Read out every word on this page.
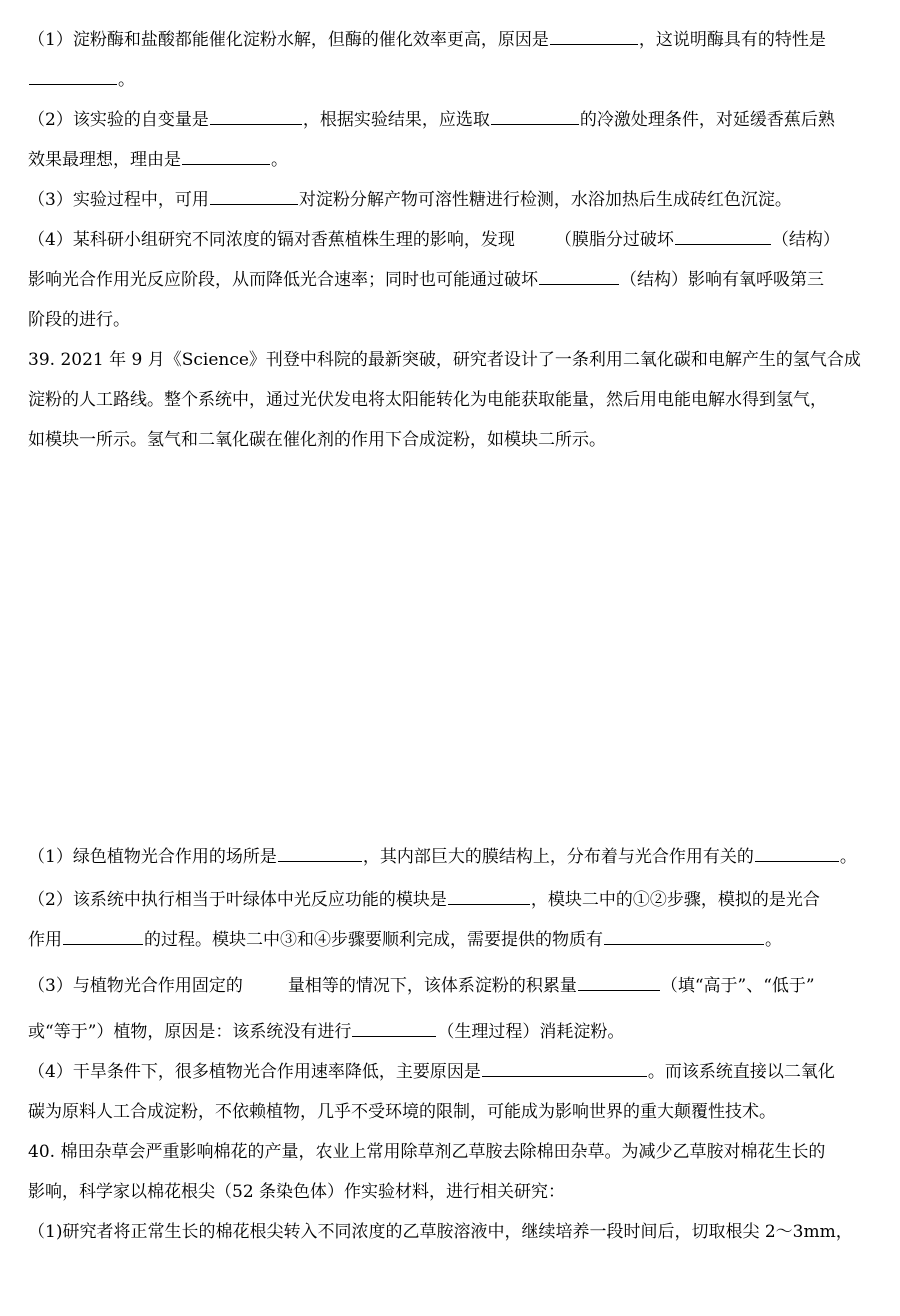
（1）淀粉酶和盐酸都能催化淀粉水解，但酶的催化效率更高，原因是	，这说明酶具有的特性是
。
（2）该实验的自变量是	，根据实验结果，应选取	的冷激处理条件，对延缓香蕉后熟
效果最理想，理由是	。
（3）实验过程中，可用	对淀粉分解产物可溶性糖进行检测，水浴加热后生成砖红色沉淀。
（4）某科研小组研究不同浓度的镉对香蕉植株生理的影响，发现 （膜脂分过破坏	（结构）
影响光合作用光反应阶段，从而降低光合速率；同时也可能通过破坏	（结构）影响有氧呼吸第三
阶段的进行。
39. 2021 年 9 月《Science》刊登中科院的最新突破，研究者设计了一条利用二氧化碳和电解产生的氢气合成
淀粉的人工路线。整个系统中，通过光伏发电将太阳能转化为电能获取能量，然后用电能电解水得到氢气，
如模块一所示。氢气和二氧化碳在催化剂的作用下合成淀粉，如模块二所示。
（1）绿色植物光合作用的场所是	，其内部巨大的膜结构上，分布着与光合作用有关的	。
（2）该系统中执行相当于叶绿体中光反应功能的模块是	，模块二中的①②步骤，模拟的是光合
作用	的过程。模块二中③和④步骤要顺利完成，需要提供的物质有	。
（3）与植物光合作用固定的	量相等的情况下，该体系淀粉的积累量	（填“高于”、“低于”
或“等于”）植物，原因是：该系统没有进行	（生理过程）消耗淀粉。
（4）干旱条件下，很多植物光合作用速率降低，主要原因是	。而该系统直接以二氧化
碳为原料人工合成淀粉，不依赖植物，几乎不受环境的限制，可能成为影响世界的重大颠覆性技术。
40. 棉田杂草会严重影响棉花的产量，农业上常用除草剂乙草胺去除棉田杂草。为减少乙草胺对棉花生长的
影响，科学家以棉花根尖（52 条染色体）作实验材料，进行相关研究：
（1)研究者将正常生长的棉花根尖转入不同浓度的乙草胺溶液中，继续培养一段时间后，切取根尖 2～3mm，
